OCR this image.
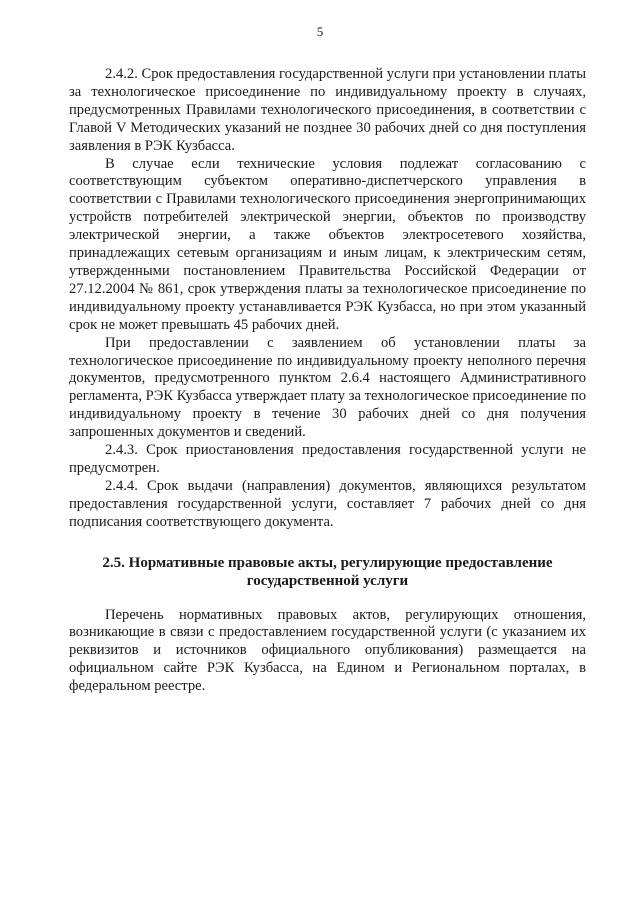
5

2.4.2. Срок предоставления государственной услуги при установлении платы за технологическое присоединение по индивидуальному проекту в случаях, предусмотренных Правилами технологического присоединения, в соответствии с Главой V Методических указаний не позднее 30 рабочих дней со дня поступления заявления в РЭК Кузбасса.

В случае если технические условия подлежат согласованию с соответствующим субъектом оперативно-диспетчерского управления в соответствии с Правилами технологического присоединения энергопринимающих устройств потребителей электрической энергии, объектов по производству электрической энергии, а также объектов электросетевого хозяйства, принадлежащих сетевым организациям и иным лицам, к электрическим сетям, утвержденными постановлением Правительства Российской Федерации от 27.12.2004 № 861, срок утверждения платы за технологическое присоединение по индивидуальному проекту устанавливается РЭК Кузбасса, но при этом указанный срок не может превышать 45 рабочих дней.

При предоставлении с заявлением об установлении платы за технологическое присоединение по индивидуальному проекту неполного перечня документов, предусмотренного пунктом 2.6.4 настоящего Административного регламента, РЭК Кузбасса утверждает плату за технологическое присоединение по индивидуальному проекту в течение 30 рабочих дней со дня получения запрошенных документов и сведений.

2.4.3. Срок приостановления предоставления государственной услуги не предусмотрен.

2.4.4. Срок выдачи (направления) документов, являющихся результатом предоставления государственной услуги, составляет 7 рабочих дней со дня подписания соответствующего документа.

2.5. Нормативные правовые акты, регулирующие предоставление
государственной услуги

Перечень нормативных правовых актов, регулирующих отношения, возникающие в связи с предоставлением государственной услуги (с указанием их реквизитов и источников официального опубликования) размещается на официальном сайте РЭК Кузбасса, на Едином и Региональном порталах, в федеральном реестре.
